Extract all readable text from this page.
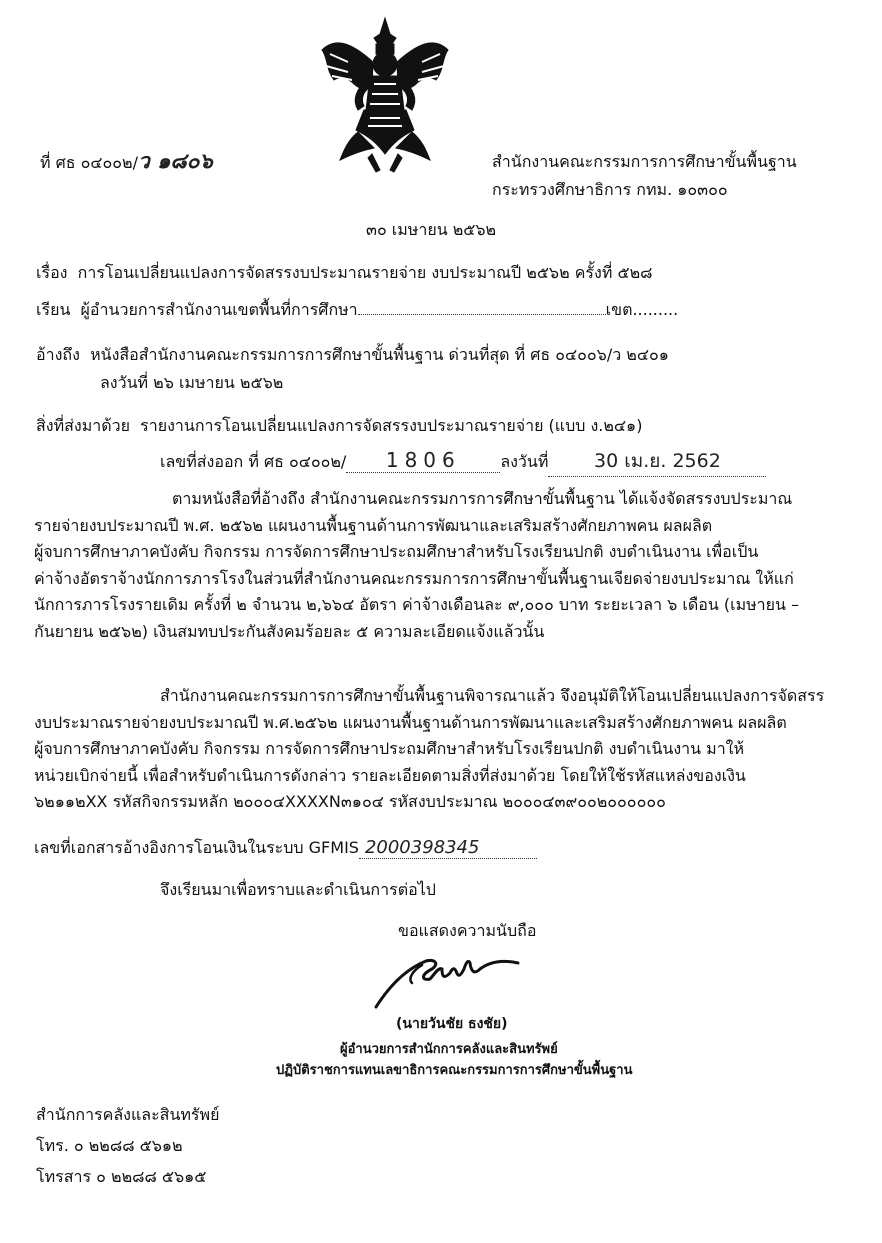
ที่ ศธ ๐๔๐๐๒/ว ๑๘๐๖	สำนักงานคณะกรรมการการศึกษาขั้นพื้นฐาน
กระทรวงศึกษาธิการ กทม. ๑๐๓๐๐
๓๐ เมษายน ๒๕๖๒
เรื่อง การโอนเปลี่ยนแปลงการจัดสรรงบประมาณรายจ่าย งบประมาณปี ๒๕๖๒ ครั้งที่ ๕๒๘
เรียน ผู้อำนวยการสำนักงานเขตพื้นที่การศึกษา	เขต.........
อ้างถึง หนังสือสำนักงานคณะกรรมการการศึกษาขั้นพื้นฐาน ด่วนที่สุด ที่ ศธ ๐๔๐๐๖/ว ๒๔๐๑
ลงวันที่ ๒๖ เมษายน ๒๕๖๒
สิ่งที่ส่งมาด้วย รายงานการโอนเปลี่ยนแปลงการจัดสรรงบประมาณรายจ่าย (แบบ ง.๒๔๑)
เลขที่ส่งออก ที่ ศธ ๐๔๐๐๒/ 1806 ลงวันที่ 30 เม.ย. 2562
ตามหนังสือที่อ้างถึง สำนักงานคณะกรรมการการศึกษาขั้นพื้นฐาน ได้แจ้งจัดสรรงบประมาณ
รายจ่ายงบประมาณปี พ.ศ. ๒๕๖๒ แผนงานพื้นฐานด้านการพัฒนาและเสริมสร้างศักยภาพคน ผลผลิต
ผู้จบการศึกษาภาคบังคับ กิจกรรม การจัดการศึกษาประถมศึกษาสำหรับโรงเรียนปกติ งบดำเนินงาน เพื่อเป็น
ค่าจ้างอัตราจ้างนักการภารโรงในส่วนที่สำนักงานคณะกรรมการการศึกษาขั้นพื้นฐานเจียดจ่ายงบประมาณ ให้แก่
นักการภารโรงรายเดิม ครั้งที่ ๒ จำนวน ๒,๖๖๔ อัตรา ค่าจ้างเดือนละ ๙,๐๐๐ บาท ระยะเวลา ๖ เดือน (เมษายน –
กันยายน ๒๕๖๒) เงินสมทบประกันสังคมร้อยละ ๕ ความละเอียดแจ้งแล้วนั้น
สำนักงานคณะกรรมการการศึกษาขั้นพื้นฐานพิจารณาแล้ว จึงอนุมัติให้โอนเปลี่ยนแปลงการจัดสรร
งบประมาณรายจ่ายงบประมาณปี พ.ศ.๒๕๖๒ แผนงานพื้นฐานด้านการพัฒนาและเสริมสร้างศักยภาพคน ผลผลิต
ผู้จบการศึกษาภาคบังคับ กิจกรรม การจัดการศึกษาประถมศึกษาสำหรับโรงเรียนปกติ งบดำเนินงาน มาให้
หน่วยเบิกจ่ายนี้ เพื่อสำหรับดำเนินการดังกล่าว รายละเอียดตามสิ่งที่ส่งมาด้วย โดยให้ใช้รหัสแหล่งของเงิน
๖๒๑๑๒XX รหัสกิจกรรมหลัก ๒๐๐๐๔XXXXN๓๑๐๔ รหัสงบประมาณ ๒๐๐๐๔๓๙๐๐๒๐๐๐๐๐๐
เลขที่เอกสารอ้างอิงการโอนเงินในระบบ GFMIS 2000398345
จึงเรียนมาเพื่อทราบและดำเนินการต่อไป
ขอแสดงความนับถือ
(นายวันชัย ธงชัย)
ผู้อำนวยการสำนักการคลังและสินทรัพย์
ปฏิบัติราชการแทนเลขาธิการคณะกรรมการการศึกษาขั้นพื้นฐาน
สำนักการคลังและสินทรัพย์
โทร. ๐ ๒๒๘๘ ๕๖๑๒
โทรสาร ๐ ๒๒๘๘ ๕๖๑๕
